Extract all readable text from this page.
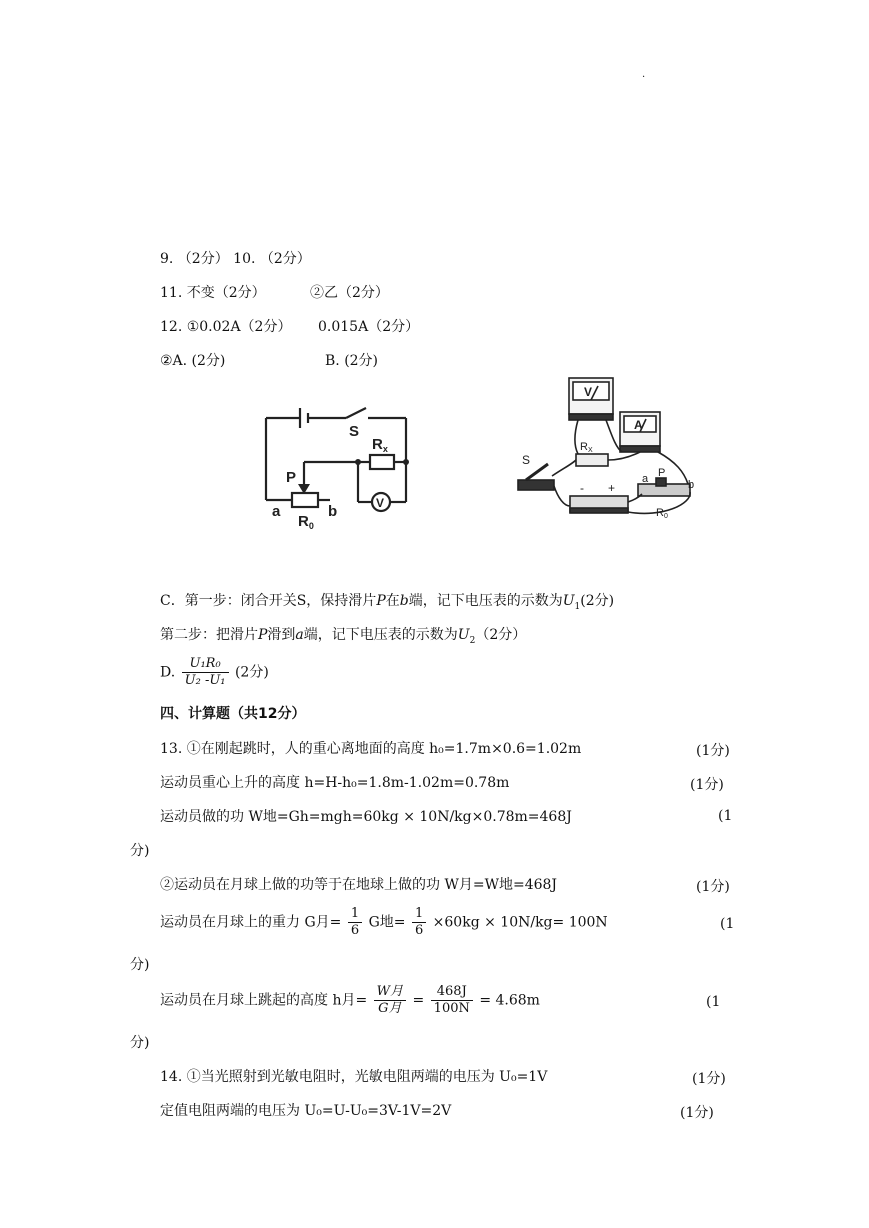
.
9. （2分） 10. （2分）
11. 不变（2分）	②乙（2分）
12. ①0.02A（2分） 0.015A（2分）
②A. (2分)	B. (2分)
S
$R_x$
P
V
a
$R_0$
b
V
A
RX
S
- +
a P
b
R0
C．第一步：闭合开关S，保持滑片P在b端，记下电压表的示数为$U_1(2$分)
第二步：把滑片P滑到a端，记下电压表的示数为$U_2(2$分）
D. $\frac{\text{U₁R₀}}{\text{U₂ -U₁}} (2$分)
四、计算题（共12分）
13. ①在刚起跳时，人的重心离地面的高度 h₀=1.7m×0.6=1.02m	(1分)
运动员重心上升的高度 h=H-h₀=1.8m-1.02m=0.78m	(1分)
运动员做的功 W地=Gh=mgh=60kg × 10N/kg×0.78m=468J	(1
分)
②运动员在月球上做的功等于在地球上做的功 W月=W地=468J	(1分)
运动员在月球上的重力 G月= $\frac{1}{6}$ G地= $\frac{1}{6} \times 60kg \times 10N/kg= 100N$	(1
分)
运动员在月球上跳起的高度 h月= $\frac{\text{W月}}{\text{G月}} = \frac{468J}{100N} = 4.68m$	(1
分)
14. ①当光照射到光敏电阻时，光敏电阻两端的电压为 U₀=1V	(1分)
定值电阻两端的电压为 U₀=U-U₀=3V-1V=2V	(1分)
